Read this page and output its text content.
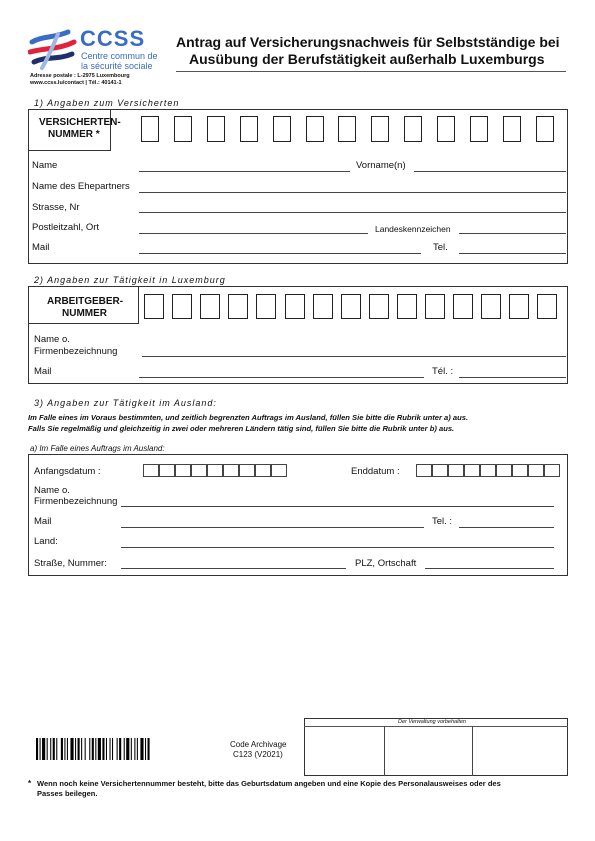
CCSS
Centre commun de
la sécurité sociale
Adresse postale : L-2975 Luxembourg
www.ccss.lu/contact | Tél.: 40141-1
Antrag auf Versicherungsnachweis für Selbstständige bei
Ausübung der Berufstätigkeit außerhalb Luxemburgs
1) Angaben zum Versicherten
VERSICHERTEN-
NUMMER *
Name	Vorname(n)
Name des Ehepartners
Strasse, Nr
Postleitzahl, Ort	Landeskennzeichen
Mail	Tel.
2) Angaben zur Tätigkeit in Luxemburg
ARBEITGEBER-
NUMMER
Name o.
Firmenbezeichnung
Mail	Tél. :
3) Angaben zur Tätigkeit im Ausland:
Im Falle eines im Voraus bestimmten, und zeitlich begrenzten Auftrags im Ausland, füllen Sie bitte die Rubrik unter a) aus.
Falls Sie regelmäßig und gleichzeitig in zwei oder mehreren Ländern tätig sind, füllen Sie bitte die Rubrik unter b) aus.
a) Im Falle eines Auftrags im Ausland:
Anfangsdatum :	Enddatum :
Name o.
Firmenbezeichnung
Mail	Tel. :
Land:
Straße, Nummer:	PLZ, Ortschaft
Code Archivage
C123 (V2021)
Der Verwaltung vorbehalten
* Wenn noch keine Versichertennummer besteht, bitte das Geburtsdatum angeben und eine Kopie des Personalausweises oder des
Passes beilegen.
